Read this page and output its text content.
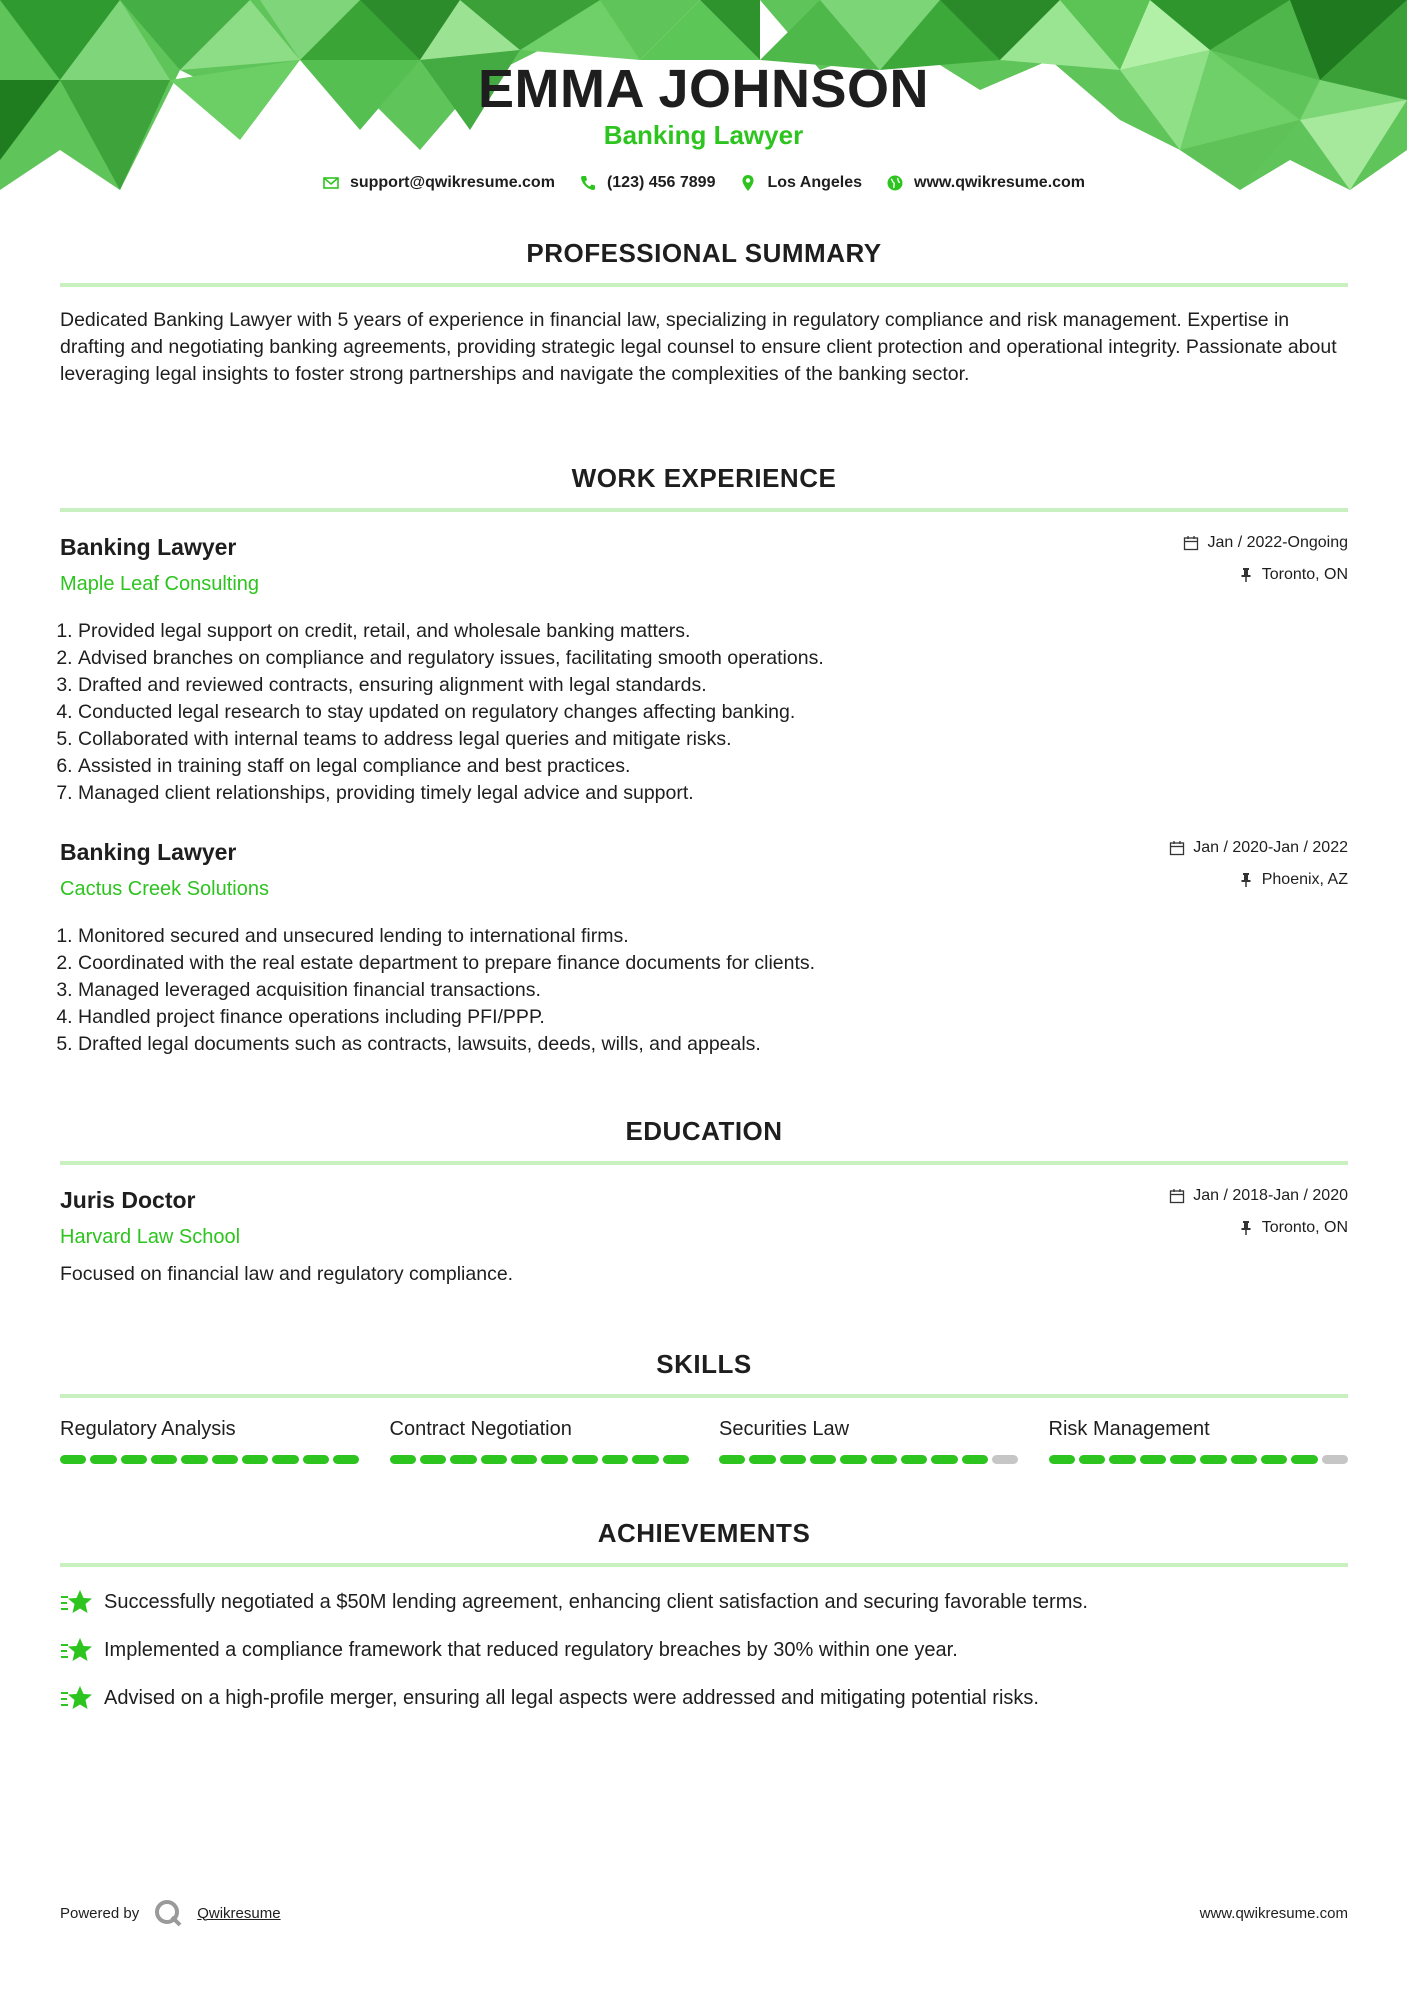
EMMA JOHNSON
Banking Lawyer
support@qwikresume.com	(123) 456 7899	Los Angeles	www.qwikresume.com
PROFESSIONAL SUMMARY
Dedicated Banking Lawyer with 5 years of experience in financial law, specializing in regulatory compliance and risk management. Expertise in drafting and negotiating banking agreements, providing strategic legal counsel to ensure client protection and operational integrity. Passionate about leveraging legal insights to foster strong partnerships and navigate the complexities of the banking sector.
WORK EXPERIENCE
Banking Lawyer
Maple Leaf Consulting
Jan / 2022-Ongoing
Toronto, ON
1. Provided legal support on credit, retail, and wholesale banking matters.
2. Advised branches on compliance and regulatory issues, facilitating smooth operations.
3. Drafted and reviewed contracts, ensuring alignment with legal standards.
4. Conducted legal research to stay updated on regulatory changes affecting banking.
5. Collaborated with internal teams to address legal queries and mitigate risks.
6. Assisted in training staff on legal compliance and best practices.
7. Managed client relationships, providing timely legal advice and support.
Banking Lawyer
Cactus Creek Solutions
Jan / 2020-Jan / 2022
Phoenix, AZ
1. Monitored secured and unsecured lending to international firms.
2. Coordinated with the real estate department to prepare finance documents for clients.
3. Managed leveraged acquisition financial transactions.
4. Handled project finance operations including PFI/PPP.
5. Drafted legal documents such as contracts, lawsuits, deeds, wills, and appeals.
EDUCATION
Juris Doctor
Harvard Law School
Jan / 2018-Jan / 2020
Toronto, ON
Focused on financial law and regulatory compliance.
SKILLS
Regulatory Analysis	Contract Negotiation	Securities Law	Risk Management
ACHIEVEMENTS
Successfully negotiated a $50M lending agreement, enhancing client satisfaction and securing favorable terms.
Implemented a compliance framework that reduced regulatory breaches by 30% within one year.
Advised on a high-profile merger, ensuring all legal aspects were addressed and mitigating potential risks.
Powered by	Qwikresume	www.qwikresume.com
